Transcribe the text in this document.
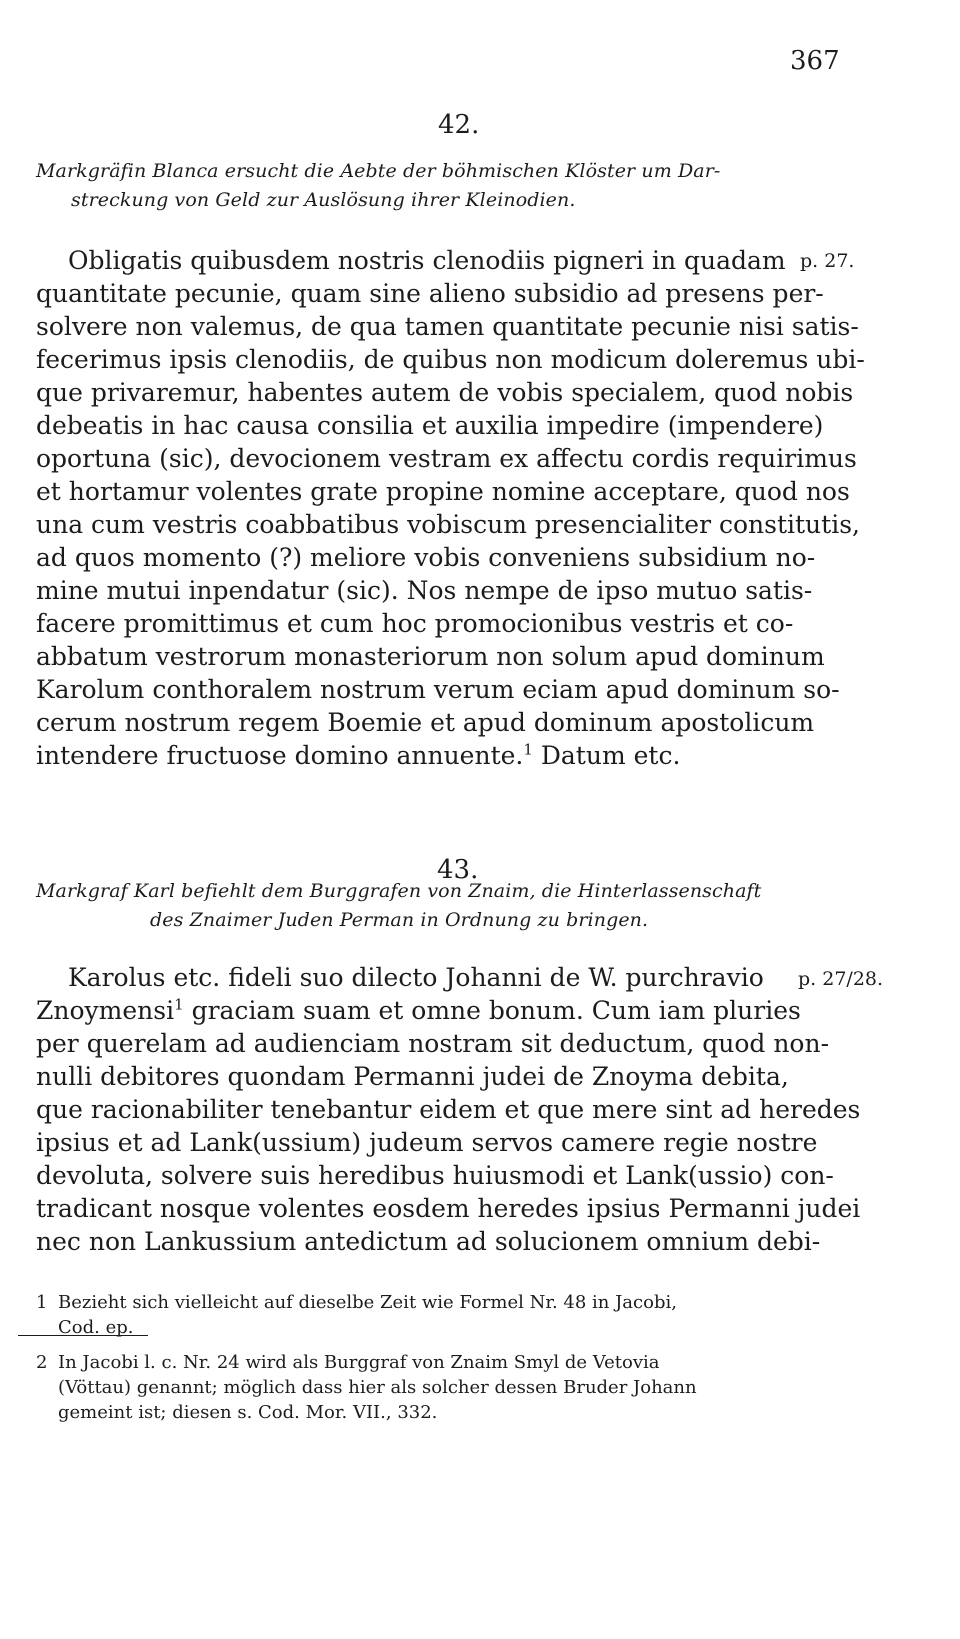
367
42.
Markgräfin Blanca ersucht die Aebte der böhmischen Klöster um Dar-
streckung von Geld zur Auslösung ihrer Kleinodien.
p. 27.
Obligatis quibusdem nostris clenodiis pigneri in quadam
quantitate pecunie, quam sine alieno subsidio ad presens per-
solvere non valemus, de qua tamen quantitate pecunie nisi satis-
fecerimus ipsis clenodiis, de quibus non modicum doleremus ubi-
que privaremur, habentes autem de vobis specialem, quod nobis
debeatis in hac causa consilia et auxilia impedire (impendere)
oportuna (sic), devocionem vestram ex affectu cordis requirimus
et hortamur volentes grate propine nomine acceptare, quod nos
una cum vestris coabbatibus vobiscum presencialiter constitutis,
ad quos momento (?) meliore vobis conveniens subsidium no-
mine mutui inpendatur (sic). Nos nempe de ipso mutuo satis-
facere promittimus et cum hoc promocionibus vestris et co-
abbatum vestrorum monasteriorum non solum apud dominum
Karolum conthoralem nostrum verum eciam apud dominum so-
cerum nostrum regem Boemie et apud dominum apostolicum
intendere fructuose domino annuente.$^1$ Datum etc.
43.
Markgraf Karl befiehlt dem Burggrafen von Znaim, die Hinterlassenschaft
des Znaimer Juden Perman in Ordnung zu bringen.
p. 27/28.
Karolus etc. fideli suo dilecto Johanni de W. purchravio
Znoymensi$^1$ graciam suam et omne bonum. Cum iam pluries
per querelam ad audienciam nostram sit deductum, quod non-
nulli debitores quondam Permanni judei de Znoyma debita,
que racionabiliter tenebantur eidem et que mere sint ad heredes
ipsius et ad Lank(ussium) judeum servos camere regie nostre
devoluta, solvere suis heredibus huiusmodi et Lank(ussio) con-
tradicant nosque volentes eosdem heredes ipsius Permanni judei
nec non Lankussium antedictum ad solucionem omnium debi-
1 Bezieht sich vielleicht auf dieselbe Zeit wie Formel Nr. 48 in Jacobi,
Cod. ep.
2 In Jacobi l. c. Nr. 24 wird als Burggraf von Znaim Smyl de Vetovia
(Vöttau) genannt; möglich dass hier als solcher dessen Bruder Johann
gemeint ist; diesen s. Cod. Mor. VII., 332.
